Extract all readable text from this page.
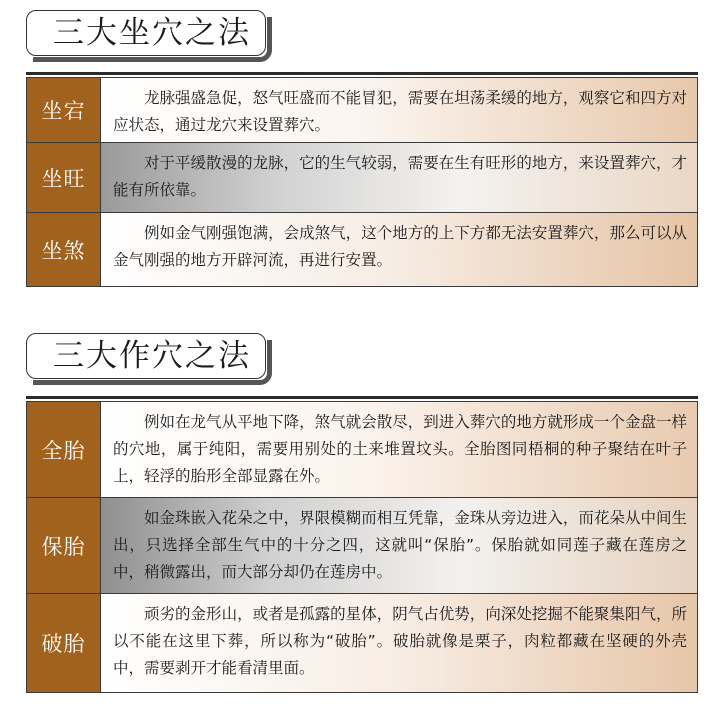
三大坐穴之法
坐宕
龙脉强盛急促，怒气旺盛而不能冒犯，需要在坦荡柔缓的地方，观察它和四方对应状态，通过龙穴来设置葬穴。
坐旺
对于平缓散漫的龙脉，它的生气较弱，需要在生有旺形的地方，来设置葬穴，才能有所依靠。
坐煞
例如金气刚强饱满，会成煞气，这个地方的上下方都无法安置葬穴，那么可以从金气刚强的地方开辟河流，再进行安置。
三大作穴之法
全胎
例如在龙气从平地下降，煞气就会散尽，到进入葬穴的地方就形成一个金盘一样的穴地，属于纯阳，需要用别处的土来堆置坟头。全胎图同梧桐的种子聚结在叶子上，轻浮的胎形全部显露在外。
保胎
如金珠嵌入花朵之中，界限模糊而相互凭靠，金珠从旁边进入，而花朵从中间生出，只选择全部生气中的十分之四，这就叫“保胎”。保胎就如同莲子藏在莲房之中，稍微露出，而大部分却仍在莲房中。
破胎
顽劣的金形山，或者是孤露的星体，阴气占优势，向深处挖掘不能聚集阳气，所以不能在这里下葬，所以称为“破胎”。破胎就像是栗子，肉粒都藏在坚硬的外壳中，需要剥开才能看清里面。
